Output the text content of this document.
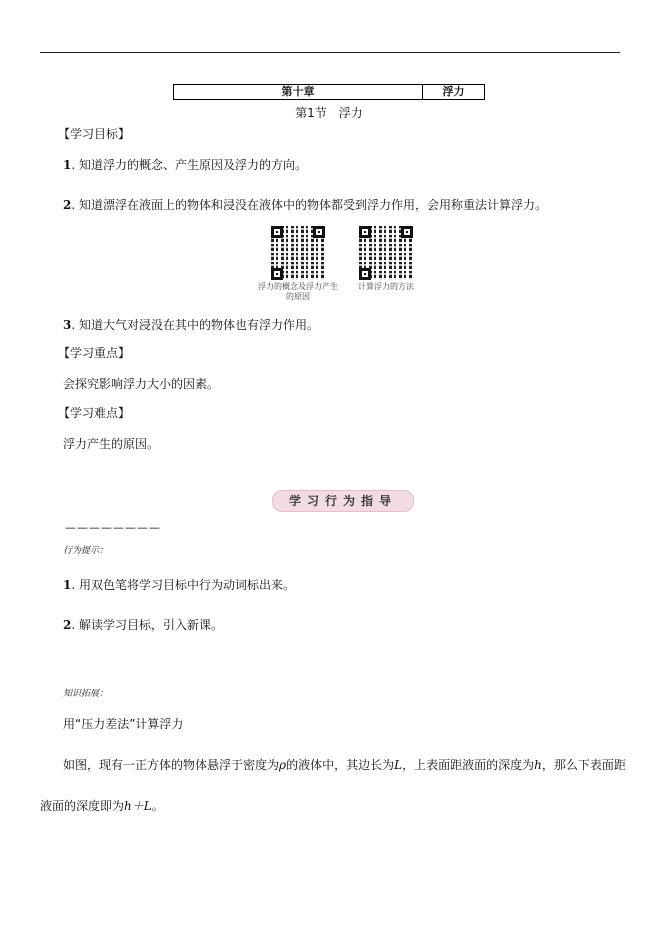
第十章	浮力
第1节　浮力
【学习目标】
1. 知道浮力的概念、产生原因及浮力的方向。
2. 知道漂浮在液面上的物体和浸没在液体中的物体都受到浮力作用，会用称重法计算浮力。
浮力的概念及浮力产生的原因
计算浮力的方法
3. 知道大气对浸没在其中的物体也有浮力作用。
【学习重点】
会探究影响浮力大小的因素。
【学习难点】
浮力产生的原因。
学习行为指导
————————
行为提示：
1. 用双色笔将学习目标中行为动词标出来。
2. 解读学习目标，引入新课。
知识拓展：
用“压力差法”计算浮力
如图，现有一正方体的物体悬浮于密度为ρ的液体中，其边长为L，上表面距液面的深度为h，那么下表面距
液面的深度即为h＋L。
